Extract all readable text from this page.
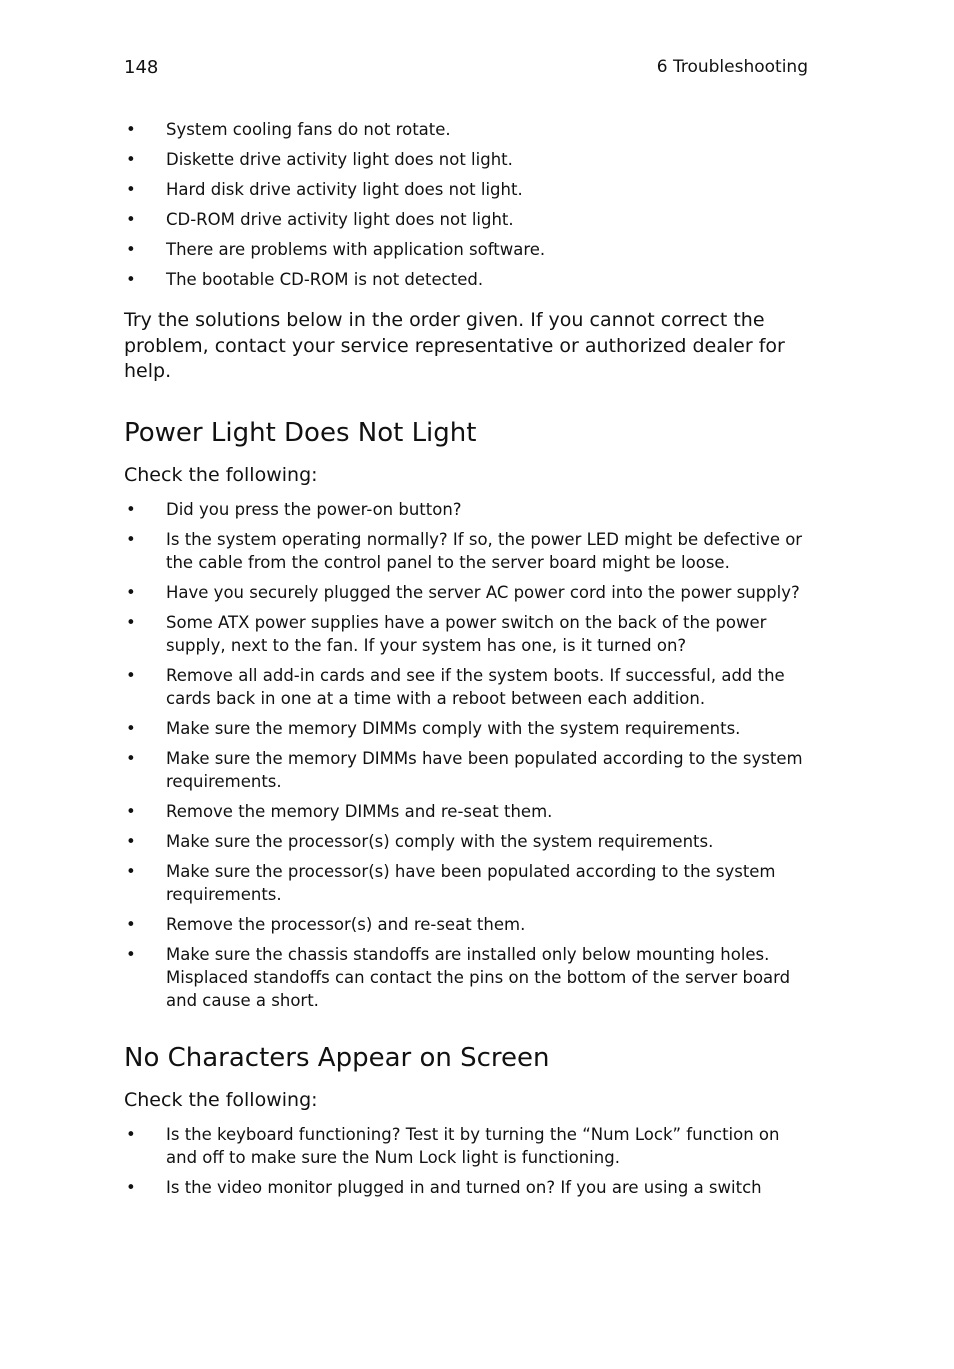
148	6 Troubleshooting
• System cooling fans do not rotate.
• Diskette drive activity light does not light.
• Hard disk drive activity light does not light.
• CD-ROM drive activity light does not light.
• There are problems with application software.
• The bootable CD-ROM is not detected.

Try the solutions below in the order given. If you cannot correct the problem, contact your service representative or authorized dealer for help.

Power Light Does Not Light

Check the following:

• Did you press the power-on button?
• Is the system operating normally? If so, the power LED might be defective or the cable from the control panel to the server board might be loose.
• Have you securely plugged the server AC power cord into the power supply?
• Some ATX power supplies have a power switch on the back of the power supply, next to the fan. If your system has one, is it turned on?
• Remove all add-in cards and see if the system boots. If successful, add the cards back in one at a time with a reboot between each addition.
• Make sure the memory DIMMs comply with the system requirements.
• Make sure the memory DIMMs have been populated according to the system requirements.
• Remove the memory DIMMs and re-seat them.
• Make sure the processor(s) comply with the system requirements.
• Make sure the processor(s) have been populated according to the system requirements.
• Remove the processor(s) and re-seat them.
• Make sure the chassis standoffs are installed only below mounting holes. Misplaced standoffs can contact the pins on the bottom of the server board and cause a short.
No Characters Appear on Screen

Check the following:

• Is the keyboard functioning? Test it by turning the “Num Lock” function on and off to make sure the Num Lock light is functioning.
• Is the video monitor plugged in and turned on? If you are using a switch
